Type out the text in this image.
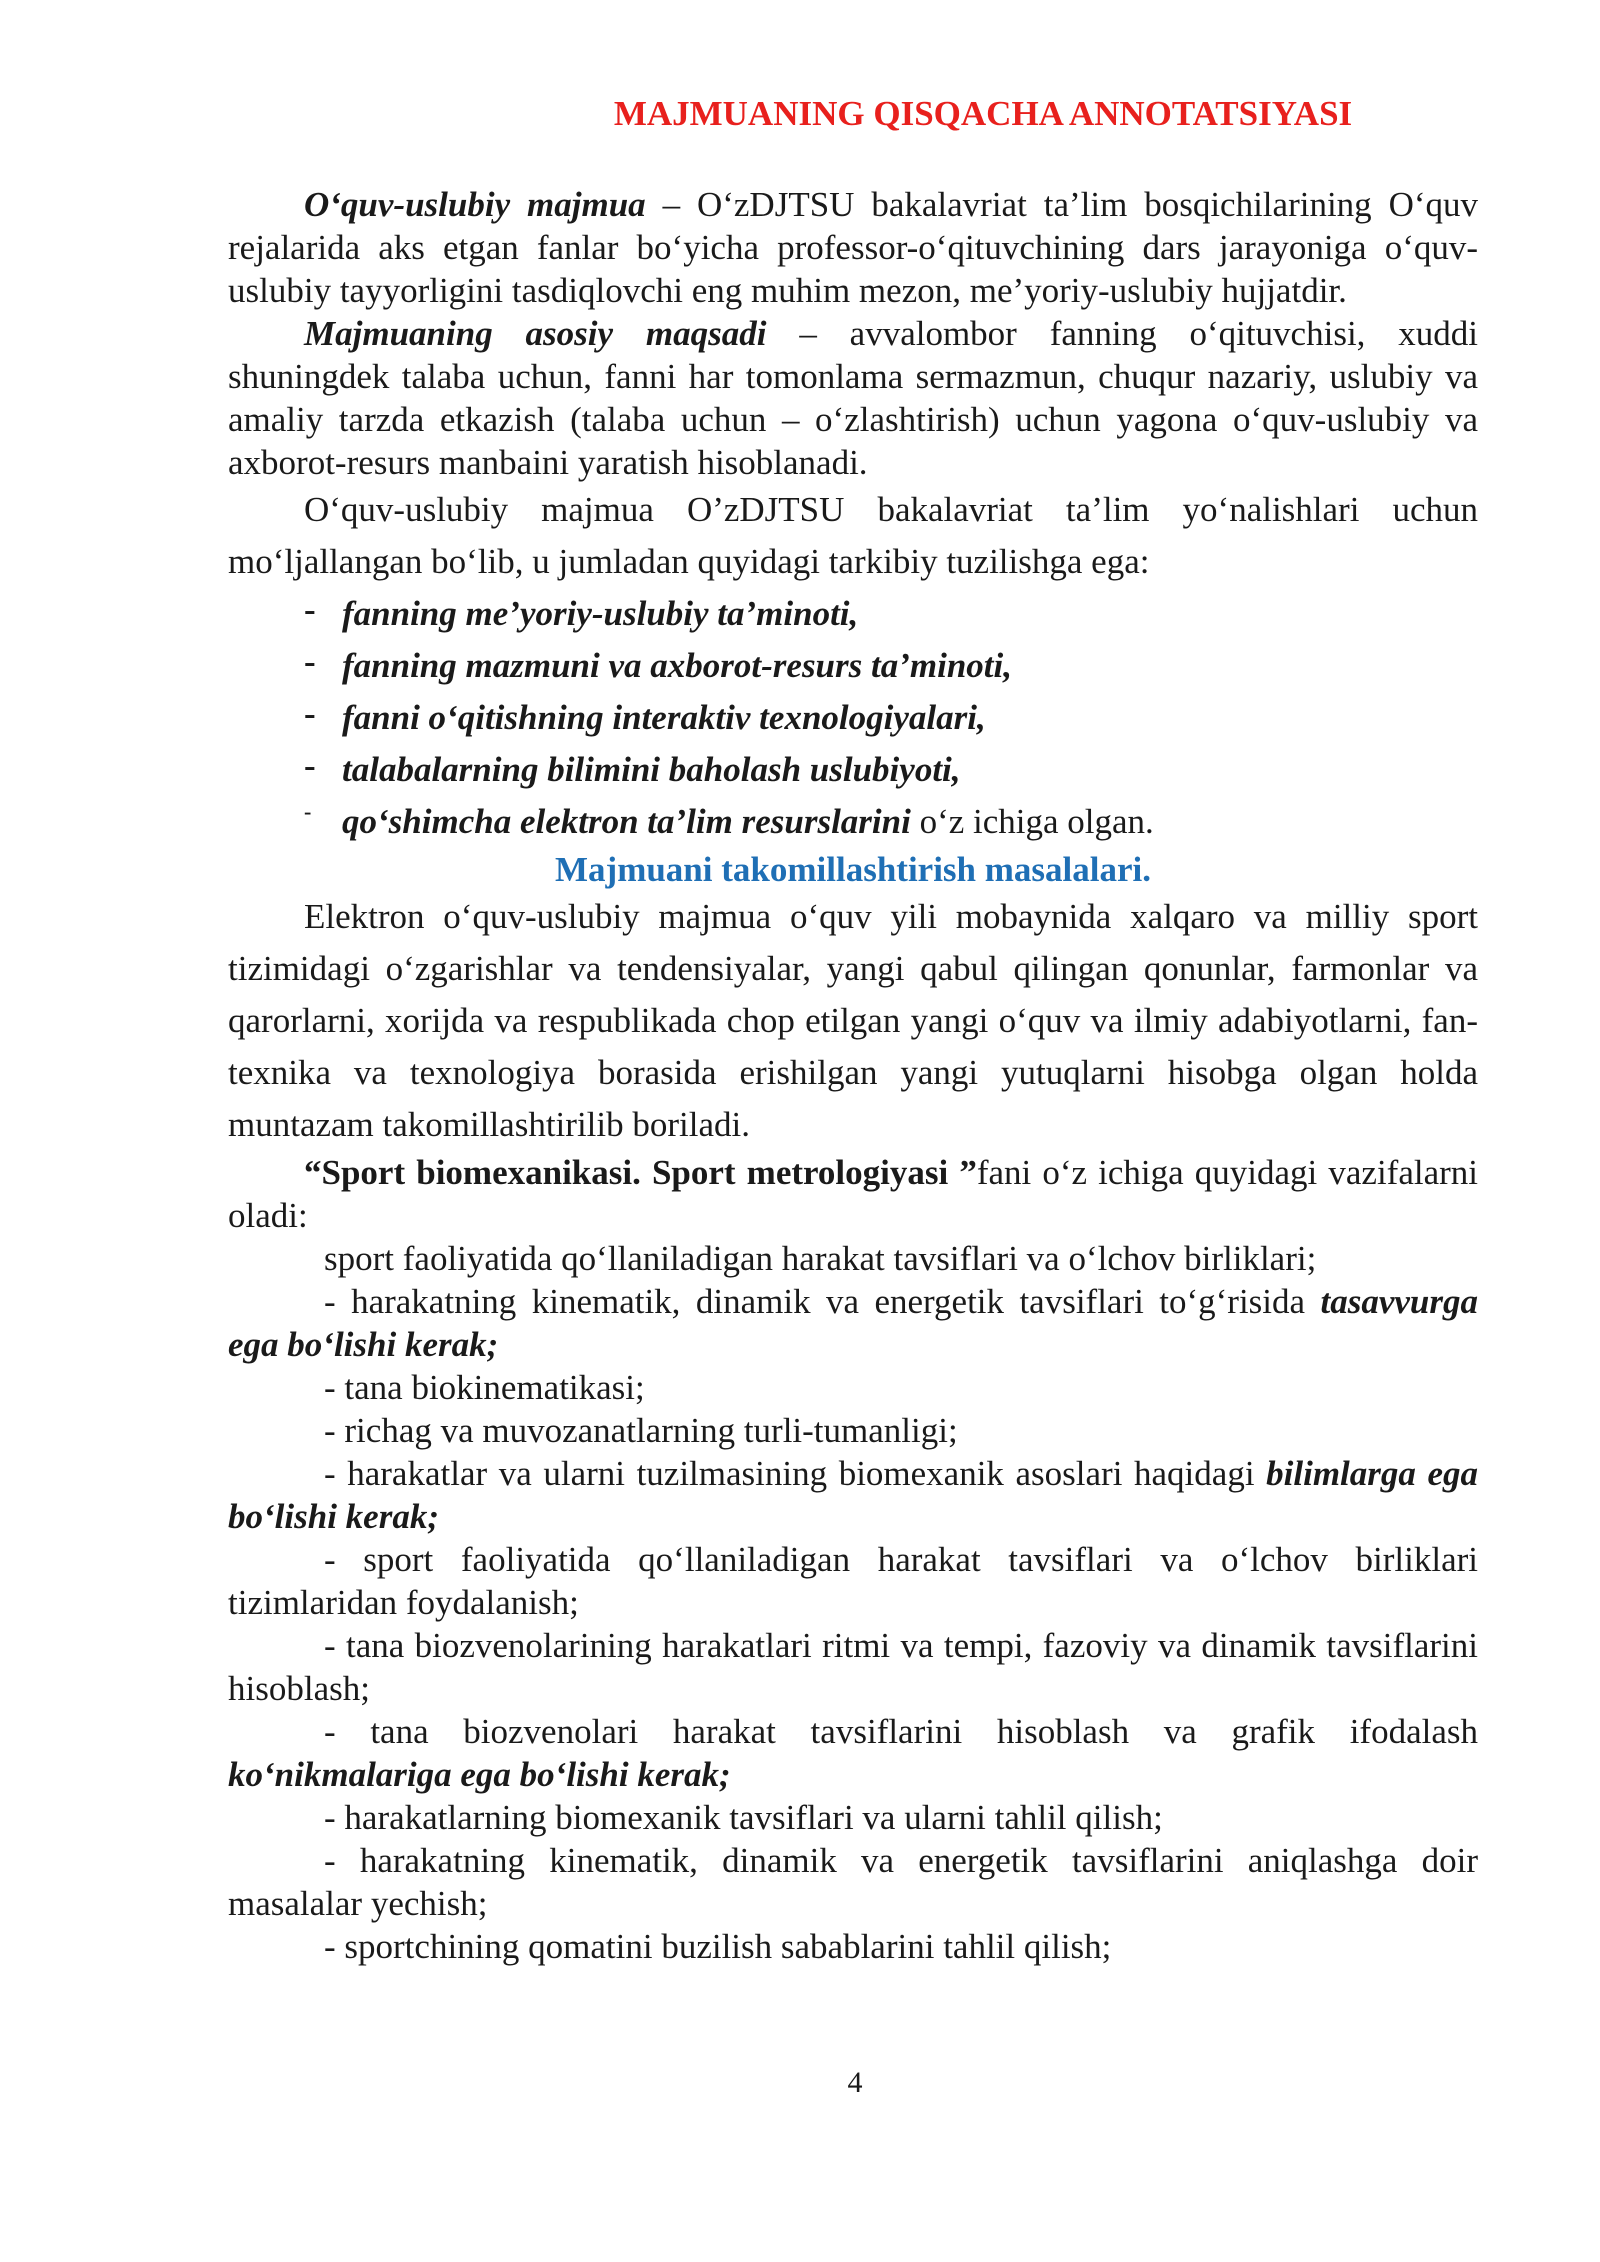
MAJMUANING QISQACHA ANNOTATSIYASI

O‘quv-uslubiy majmua – O‘zDJTSU bakalavriat ta’lim bosqichilarining O‘quv rejalarida aks etgan fanlar bo‘yicha professor-o‘qituvchining dars jarayoniga o‘quv-uslubiy tayyorligini tasdiqlovchi eng muhim mezon, me’yoriy-uslubiy hujjatdir.

Majmuaning asosiy maqsadi – avvalombor fanning o‘qituvchisi, xuddi shuningdek talaba uchun, fanni har tomonlama sermazmun, chuqur nazariy, uslubiy va amaliy tarzda etkazish (talaba uchun – o‘zlashtirish) uchun yagona o‘quv-uslubiy va axborot-resurs manbaini yaratish hisoblanadi.

O‘quv-uslubiy majmua O’zDJTSU bakalavriat ta’lim yo‘nalishlari uchun mo‘ljallangan bo‘lib, u jumladan quyidagi tarkibiy tuzilishga ega:

- fanning me’yoriy-uslubiy ta’minoti,
- fanning mazmuni va axborot-resurs ta’minoti,
- fanni o‘qitishning interaktiv texnologiyalari,
- talabalarning bilimini baholash uslubiyoti,
- qo‘shimcha elektron ta’lim resurslarini o‘z ichiga olgan.
Majmuani takomillashtirish masalalari.

Elektron o‘quv-uslubiy majmua o‘quv yili mobaynida xalqaro va milliy sport tizimidagi o‘zgarishlar va tendensiyalar, yangi qabul qilingan qonunlar, farmonlar va qarorlarni, xorijda va respublikada chop etilgan yangi o‘quv va ilmiy adabiyotlarni, fan-texnika va texnologiya borasida erishilgan yangi yutuqlarni hisobga olgan holda muntazam takomillashtirilib boriladi.

“Sport biomexanikasi. Sport metrologiyasi ”fani o‘z ichiga quyidagi vazifalarni oladi:

sport faoliyatida qo‘llaniladigan harakat tavsiflari va o‘lchov birliklari;

- harakatning kinematik, dinamik va energetik tavsiflari to‘g‘risida tasavvurga ega bo‘lishi kerak;

- tana biokinematikasi;

- richag va muvozanatlarning turli-tumanligi;

- harakatlar va ularni tuzilmasining biomexanik asoslari haqidagi bilimlarga ega bo‘lishi kerak;

- sport faoliyatida qo‘llaniladigan harakat tavsiflari va o‘lchov birliklari tizimlaridan foydalanish;

- tana biozvenolarining harakatlari ritmi va tempi, fazoviy va dinamik tavsiflarini hisoblash;

- tana biozvenolari harakat tavsiflarini hisoblash va grafik ifodalash ko‘nikmalariga ega bo‘lishi kerak;

- harakatlarning biomexanik tavsiflari va ularni tahlil qilish;

- harakatning kinematik, dinamik va energetik tavsiflarini aniqlashga doir masalalar yechish;

- sportchining qomatini buzilish sabablarini tahlil qilish;

4
